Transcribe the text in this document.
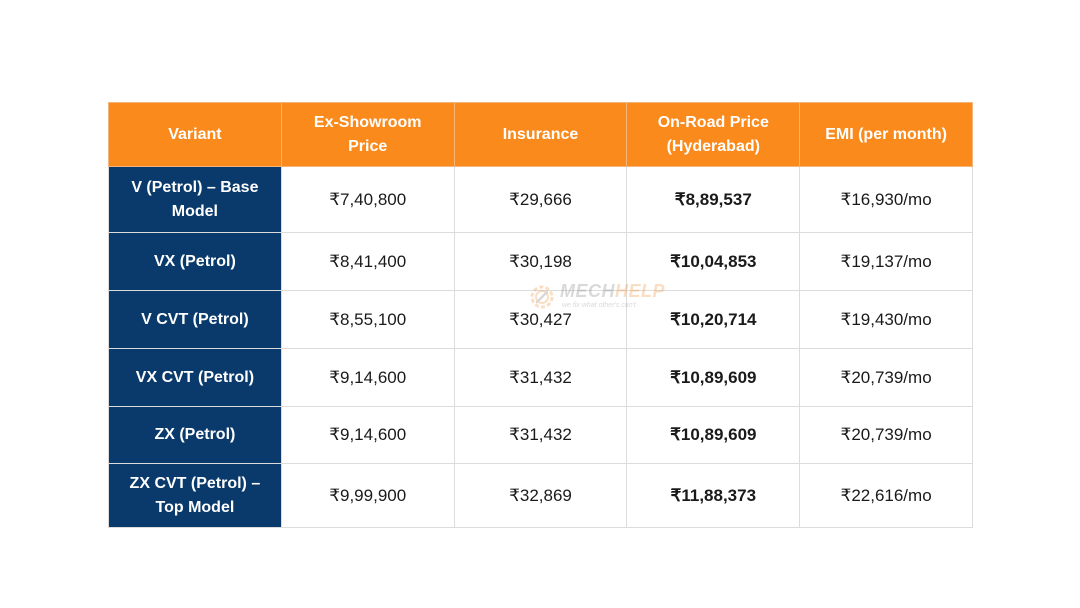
Variant	Ex-Showroom Price	Insurance	On-Road Price (Hyderabad)	EMI (per month)
V (Petrol) – Base Model	₹7,40,800	₹29,666	₹8,89,537	₹16,930/mo
VX (Petrol)	₹8,41,400	₹30,198	₹10,04,853	₹19,137/mo
V CVT (Petrol)	₹8,55,100	₹30,427	₹10,20,714	₹19,430/mo
VX CVT (Petrol)	₹9,14,600	₹31,432	₹10,89,609	₹20,739/mo
ZX (Petrol)	₹9,14,600	₹31,432	₹10,89,609	₹20,739/mo
ZX CVT (Petrol) – Top Model	₹9,99,900	₹32,869	₹11,88,373	₹22,616/mo
MECHHELP
we fix what other's can't
